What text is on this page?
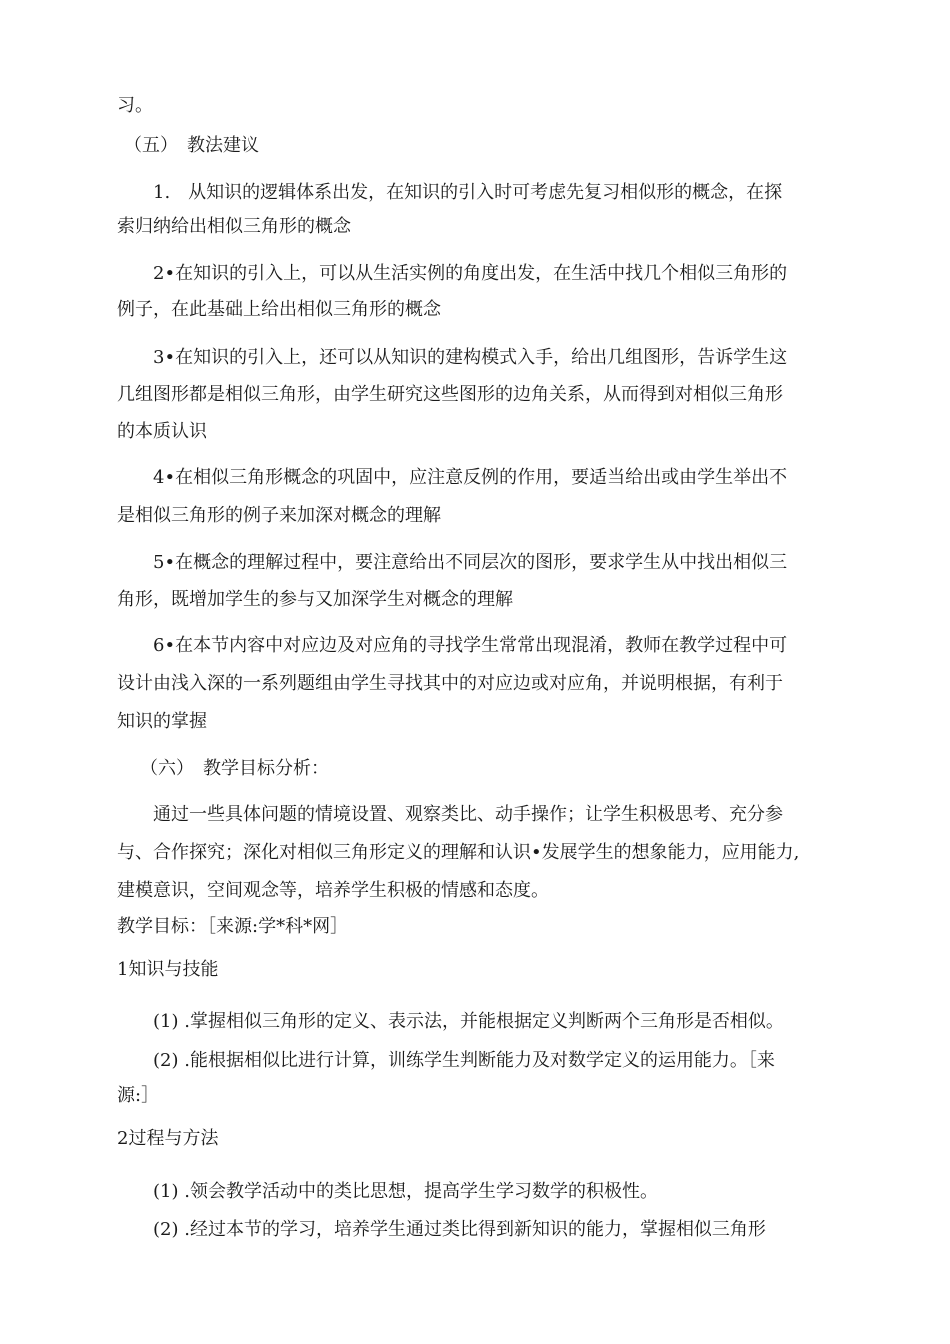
习。
（五）　教法建议
1.　从知识的逻辑体系出发，在知识的引入时可考虑先复习相似形的概念，在探
索归纳给出相似三角形的概念
2•在知识的引入上，可以从生活实例的角度出发，在生活中找几个相似三角形的
例子，在此基础上给出相似三角形的概念
3•在知识的引入上，还可以从知识的建构模式入手，给出几组图形，告诉学生这
几组图形都是相似三角形，由学生研究这些图形的边角关系，从而得到对相似三角形
的本质认识
4•在相似三角形概念的巩固中，应注意反例的作用，要适当给出或由学生举出不
是相似三角形的例子来加深对概念的理解
5•在概念的理解过程中，要注意给出不同层次的图形，要求学生从中找出相似三
角形，既增加学生的参与又加深学生对概念的理解
6•在本节内容中对应边及对应角的寻找学生常常出现混淆，教师在教学过程中可
设计由浅入深的一系列题组由学生寻找其中的对应边或对应角，并说明根据，有利于
知识的掌握
（六）　教学目标分析：
通过一些具体问题的情境设置、观察类比、动手操作；让学生积极思考、充分参
与、合作探究；深化对相似三角形定义的理解和认识•发展学生的想象能力，应用能力,
建模意识，空间观念等，培养学生积极的情感和态度。
教学目标：［来源:学*科*网］
1知识与技能
(1) .掌握相似三角形的定义、表示法，并能根据定义判断两个三角形是否相似。
(2) .能根据相似比进行计算，训练学生判断能力及对数学定义的运用能力。［来
源:］
2过程与方法
(1) .领会教学活动中的类比思想，提高学生学习数学的积极性。
(2) .经过本节的学习，培养学生通过类比得到新知识的能力，掌握相似三角形
